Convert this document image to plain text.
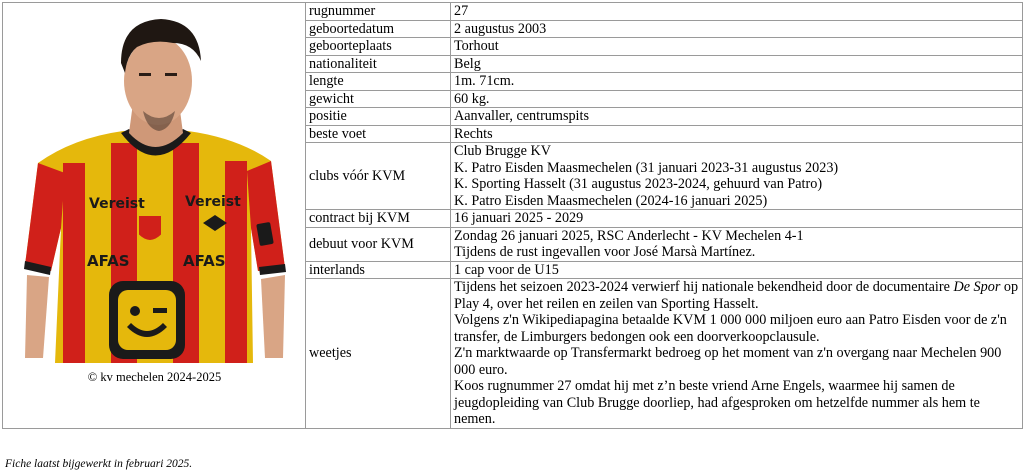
Vereist Vereist
AFAS AFAS
© kv mechelen 2024-2025	rugnummer	27
	geboortedatum	2 augustus 2003
	geboorteplaats	Torhout
	nationaliteit	Belg
	lengte	1m. 71cm.
	gewicht	60 kg.
	positie	Aanvaller, centrumspits
	beste voet	Rechts
	clubs vóór KVM	Club Brugge KV
K. Patro Eisden Maasmechelen (31 januari 2023-31 augustus 2023)
K. Sporting Hasselt (31 augustus 2023-2024, gehuurd van Patro)
K. Patro Eisden Maasmechelen (2024-16 januari 2025)

	contract bij KVM	16 januari 2025 - 2029
	debuut voor KVM	Zondag 26 januari 2025, RSC Anderlecht - KV Mechelen 4-1
Tijdens de rust ingevallen voor José Marsà Martínez.

	interlands	1 cap voor de U15
	weetjes	Tijdens het seizoen 2023-2024 verwierf hij nationale bekendheid door de documentaire De Spor op Play 4, over het reilen en zeilen van Sporting Hasselt.
Volgens z'n Wikipediapagina betaalde KVM 1 000 000 miljoen euro aan Patro Eisden voor de z'n transfer, de Limburgers bedongen ook een doorverkoopclausule.
Z'n marktwaarde op Transfermarkt bedroeg op het moment van z'n overgang naar Mechelen 900 000 euro.
Koos rugnummer 27 omdat hij met z’n beste vriend Arne Engels, waarmee hij samen de jeugdopleiding van Club Brugge doorliep, had afgesproken om hetzelfde nummer als hem te nemen.
Fiche laatst bijgewerkt in februari 2025.
